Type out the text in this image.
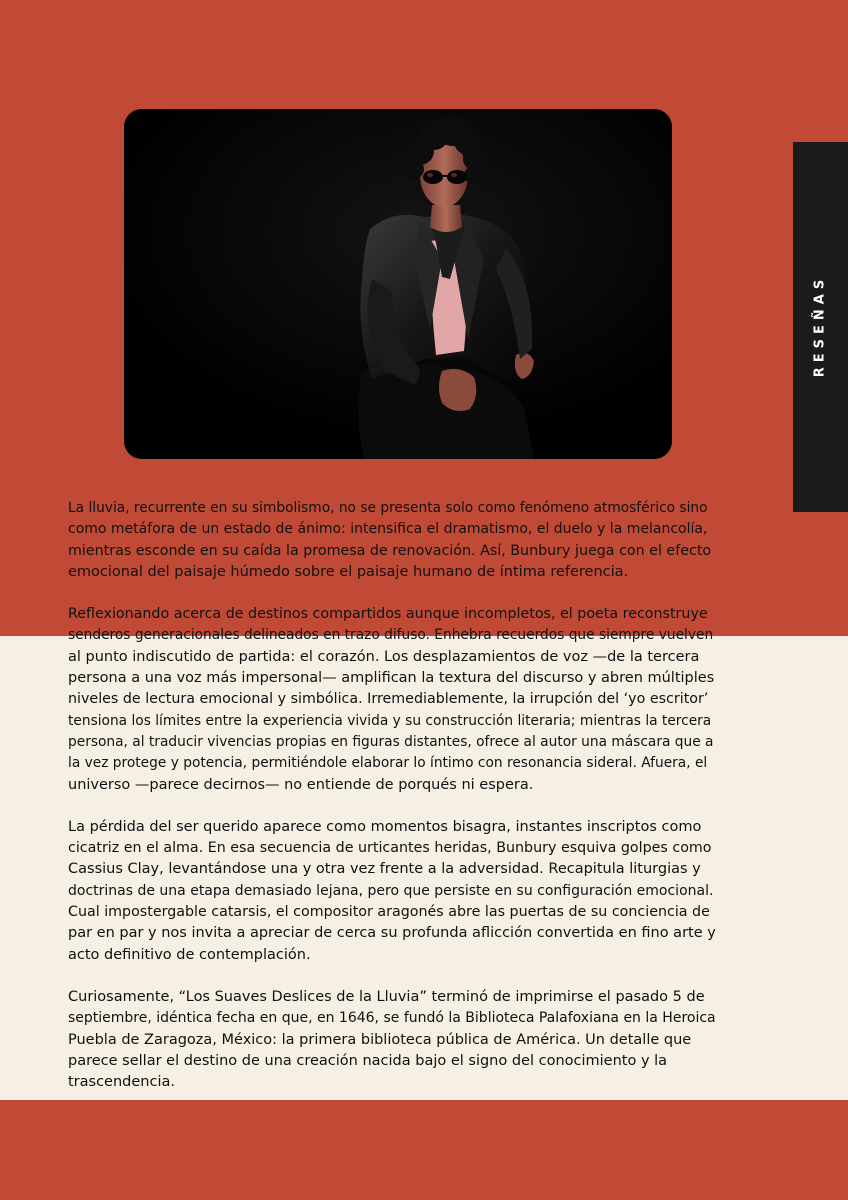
RESEÑAS

La lluvia, recurrente en su simbolismo, no se presenta solo como fenómeno atmosférico sino
como metáfora de un estado de ánimo: intensifica el dramatismo, el duelo y la melancolía,
mientras esconde en su caída la promesa de renovación. Así, Bunbury juega con el efecto
emocional del paisaje húmedo sobre el paisaje humano de íntima referencia.

Reflexionando acerca de destinos compartidos aunque incompletos, el poeta reconstruye
senderos generacionales delineados en trazo difuso. Enhebra recuerdos que siempre vuelven
al punto indiscutido de partida: el corazón. Los desplazamientos de voz —de la tercera
persona a una voz más impersonal— amplifican la textura del discurso y abren múltiples
niveles de lectura emocional y simbólica. Irremediablemente, la irrupción del ‘yo escritor’
tensiona los límites entre la experiencia vivida y su construcción literaria; mientras la tercera
persona, al traducir vivencias propias en figuras distantes, ofrece al autor una máscara que a
la vez protege y potencia, permitiéndole elaborar lo íntimo con resonancia sideral. Afuera, el
universo —parece decirnos— no entiende de porqués ni espera.

La pérdida del ser querido aparece como momentos bisagra, instantes inscriptos como
cicatriz en el alma. En esa secuencia de urticantes heridas, Bunbury esquiva golpes como
Cassius Clay, levantándose una y otra vez frente a la adversidad. Recapitula liturgias y
doctrinas de una etapa demasiado lejana, pero que persiste en su configuración emocional.
Cual impostergable catarsis, el compositor aragonés abre las puertas de su conciencia de
par en par y nos invita a apreciar de cerca su profunda aflicción convertida en fino arte y
acto definitivo de contemplación.

Curiosamente, “Los Suaves Deslices de la Lluvia” terminó de imprimirse el pasado 5 de
septiembre, idéntica fecha en que, en 1646, se fundó la Biblioteca Palafoxiana en la Heroica
Puebla de Zaragoza, México: la primera biblioteca pública de América. Un detalle que
parece sellar el destino de una creación nacida bajo el signo del conocimiento y la
trascendencia.
